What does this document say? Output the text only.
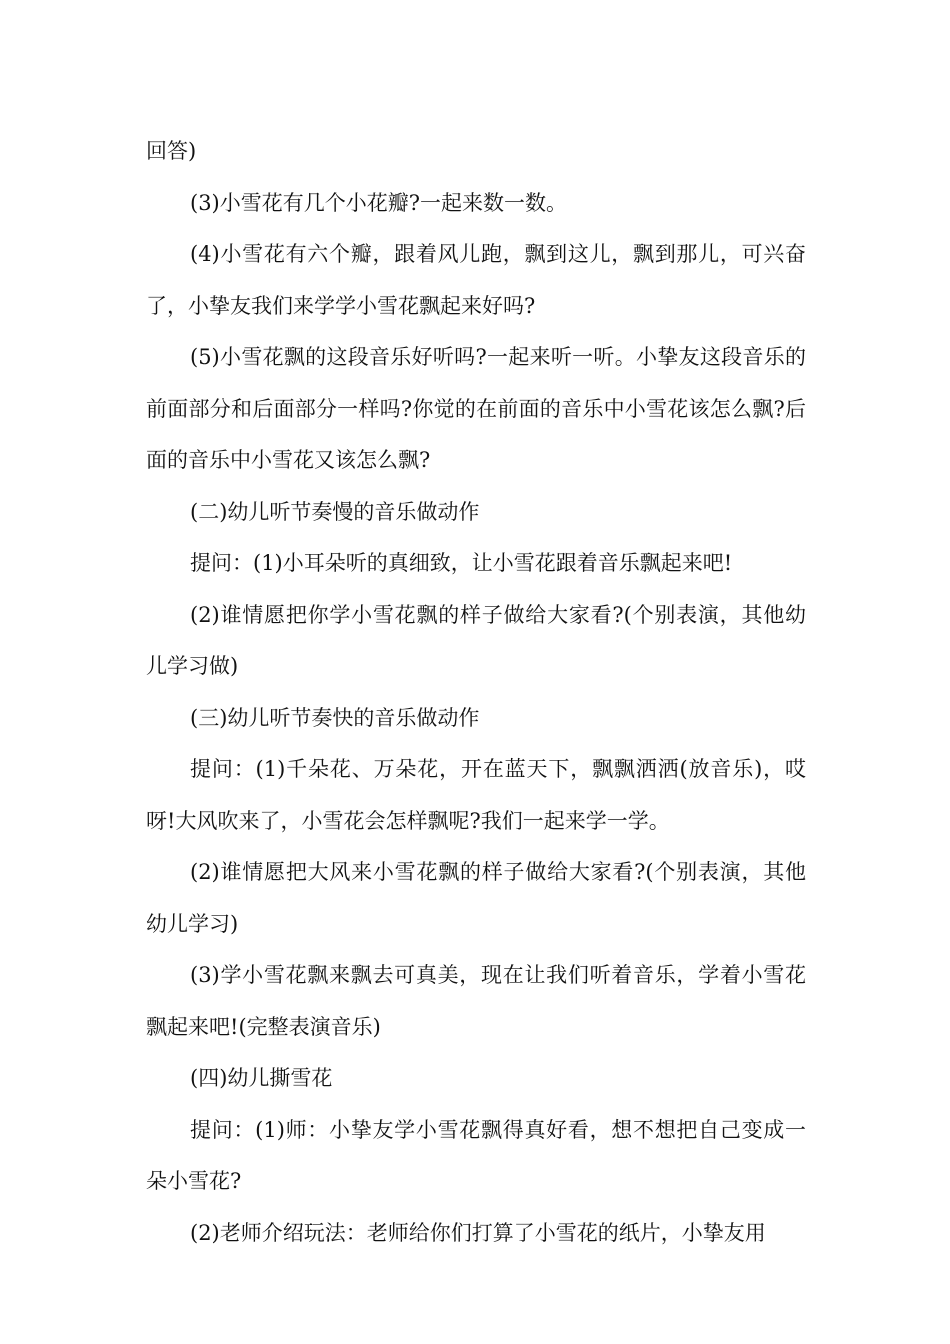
回答)

(3)小雪花有几个小花瓣?一起来数一数。

(4)小雪花有六个瓣，跟着风儿跑，飘到这儿，飘到那儿，可兴奋了，小挚友我们来学学小雪花飘起来好吗?

(5)小雪花飘的这段音乐好听吗?一起来听一听。小挚友这段音乐的前面部分和后面部分一样吗?你觉的在前面的音乐中小雪花该怎么飘?后面的音乐中小雪花又该怎么飘?

(二)幼儿听节奏慢的音乐做动作

提问：(1)小耳朵听的真细致，让小雪花跟着音乐飘起来吧!

(2)谁情愿把你学小雪花飘的样子做给大家看?(个别表演，其他幼儿学习做)

(三)幼儿听节奏快的音乐做动作

提问：(1)千朵花、万朵花，开在蓝天下，飘飘洒洒(放音乐)，哎呀!大风吹来了，小雪花会怎样飘呢?我们一起来学一学。

(2)谁情愿把大风来小雪花飘的样子做给大家看?(个别表演，其他幼儿学习)

(3)学小雪花飘来飘去可真美，现在让我们听着音乐，学着小雪花飘起来吧!(完整表演音乐)

(四)幼儿撕雪花

提问：(1)师：小挚友学小雪花飘得真好看，想不想把自己变成一朵小雪花?

(2)老师介绍玩法：老师给你们打算了小雪花的纸片，小挚友用
